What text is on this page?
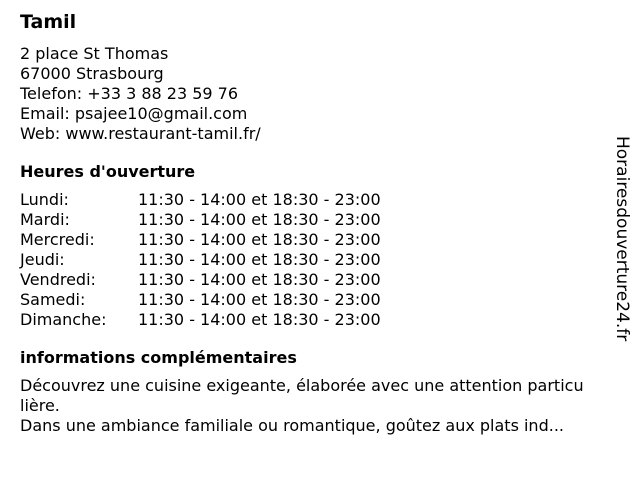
Tamil
2 place St Thomas
67000 Strasbourg
Telefon: +33 3 88 23 59 76
Email: psajee10@gmail.com
Web: www.restaurant-tamil.fr/
Heures d'ouverture
Lundi:	11:30 - 14:00 et 18:30 - 23:00
Mardi:	11:30 - 14:00 et 18:30 - 23:00
Mercredi:	11:30 - 14:00 et 18:30 - 23:00
Jeudi:	11:30 - 14:00 et 18:30 - 23:00
Vendredi:	11:30 - 14:00 et 18:30 - 23:00
Samedi:	11:30 - 14:00 et 18:30 - 23:00
Dimanche:	11:30 - 14:00 et 18:30 - 23:00
informations complémentaires

Découvrez une cuisine exigeante, élaborée avec une attention particu lière.

Dans une ambiance familiale ou romantique, goûtez aux plats ind...

Horairesdouverture24.fr
